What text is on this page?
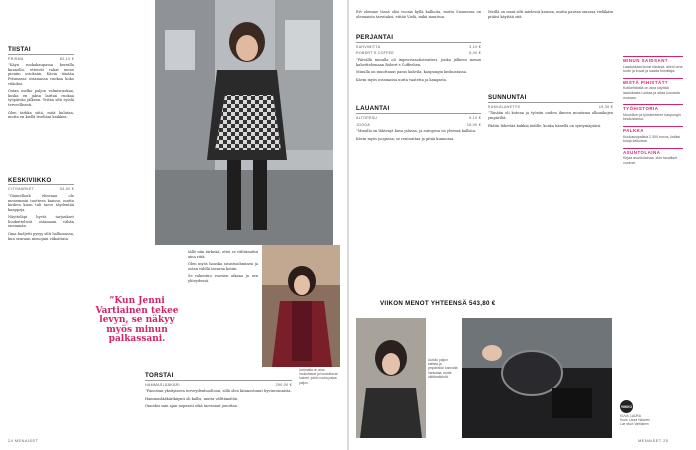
TIISTAI
PRISMA	82,10 €

”Käyn ruokakaupassa kerralla kunnolla, etteivät rahat mene pieniin ostoksiin. Kävin tänään Prismassa ostamassa ruokaa koko viikoksi.

Ostan melko paljon valmisruokaa, koska en jaksa laittaa ruokaa työpäivän jälkeen. Yritän silti syödä terveellisesti.

Olen tarkka siitä, mitä kulutan, mutta en kiellä itseltäni kaikkea.

KESKIVIIKKO
CITYMARKET	54,50 €

”Ginmellouk elinvaaa ole menemmin tuotteen kanssa, mutta kesken kuun tuli tarve täydentää kaappeja.

Näytteläpi hyvät tarjoukset houkuttelivat ostamaan vähän enemmän.

Oma budjetti pysyy silti hallinnassa, kun seuraan menojani viikoittain.

”Kun Jenni Vartiainen tekee levyn, se näkyy myös minun palkassani.

tälle niin tärkeää, ettei se välttämättä aina riitä.

Olen myös hauska sisustusihminen ja ostan välillä tavaraa kotiin.

Se rakentuu vuosien aikana ja sen yhteydessä.

Uutimalla on aina houkuttavat ja houkuttavat hukeet, joihin ruoka palaa paljon.
TORSTAI
HAMMASLÄÄKÄRI	290,00 €

”Panostan yksityiseen terveydenhuoltoon, sillä olen kiinnostunut hyvinvoinnista.

Hammaslääkärikäynti oli kallis, mutta välttämätön.

Onneksi sain ajan nopeasti eikä tarvinnut jonottaa.

24 MENAISET

Ert olemme tässä olisi vuosia kyllä kallioita, mutta Suomessa on olennaista tarvitaksi, etitää Vielä, mikä muuttuu.

PERJANTAI
KAHVIMITTA	3,10 €
ROBERT'S COFFEE	6,00 €

”Päivällä minulla oli improvisaatioteatteri, jonka jälkeen menin kahvittelemaan Robert's Coffeehen.

Minulla on muuttanut paras kahvila, kaupungin keskustassa.

Kävin myös ostamassa uutta vaatetta ja kangasta.

LAUANTAI
ALTOPESU	5,10 €
JOOGA	16,00 €

”Minulla on lähtenyt kuva jalassa, ja autopesu on yleensä kallista.

Kävin myös joogassa, se rentouttaa ja pitää kunnossa.

Meillä on omat silti mielessä kaussa, mutta paussa omassa vieläkäin pitäisi käyttää sitä.

SUNNUNTAI
KUKKALAHETYS	19,30 €

”Tänään oli kotona ja työstin uuden ilmeen muutama alkuaikojen ympäriltä.

Päätin lähettää kukkia äidille, koska hänellä on syntymäpäivä.

VIIKON MENOT YHTEENSÄ 543,80 €
Autoilu paljon kallista ja ympäristön kannalta hankalaa, mutta välttämätöntä.
MINUN SAIDSAN?

Laadukkaat kuvat käsissä, alleni oma tuote ja kuvat ja saada toimittaja.

MISTÄ PIHISTÄT?

Kotikeittiöstä on aina käyttää laadukasta ruokaa ja ottaa lounasta mukaan.

TYÖHISTORIA

Muusikon ja työskentelee kaupungin keskustassa.

PALKKA

Kuukausipalkka 2 500 euroa, lisäksi tuloja keikoista.

ASUNTOLAINA

Kirjaa asuntolainaa, kuin tavalliset vuokrat.

VIIKKO
KUVA: LAURA
Kuva: Laura Halonen
Lue sivut: Vartiainen
MENAISET 25
